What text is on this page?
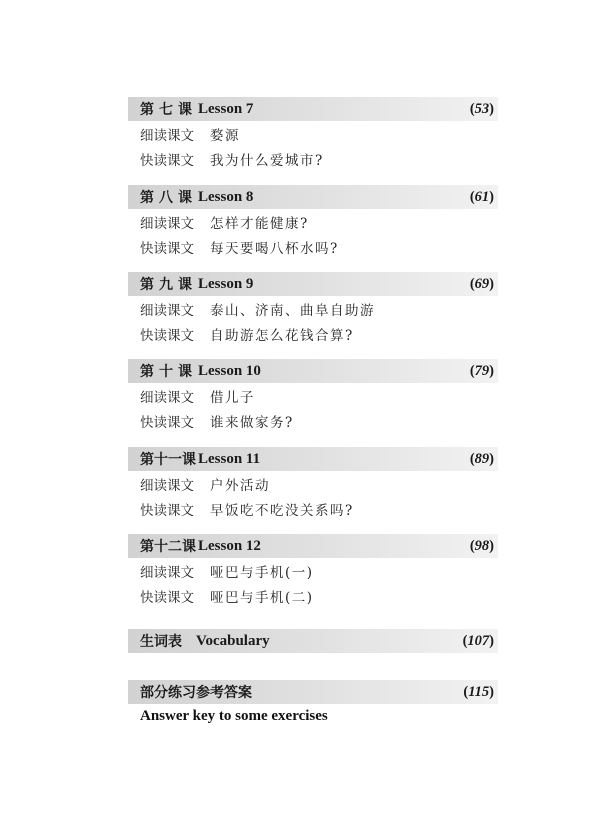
第七课 Lesson 7	(53)
细读课文	婺源
快读课文	我为什么爱城市?
第八课 Lesson 8	(61)
细读课文	怎样才能健康?
快读课文	每天要喝八杯水吗?
第九课 Lesson 9	(69)
细读课文	泰山、济南、曲阜自助游
快读课文	自助游怎么花钱合算?
第十课 Lesson 10	(79)
细读课文	借儿子
快读课文	谁来做家务?
第十一课 Lesson 11	(89)
细读课文	户外活动
快读课文	早饭吃不吃没关系吗?
第十二课 Lesson 12	(98)
细读课文	哑巴与手机(一)
快读课文	哑巴与手机(二)
生词表 Vocabulary	(107)
部分练习参考答案	(115)
Answer key to some exercises
